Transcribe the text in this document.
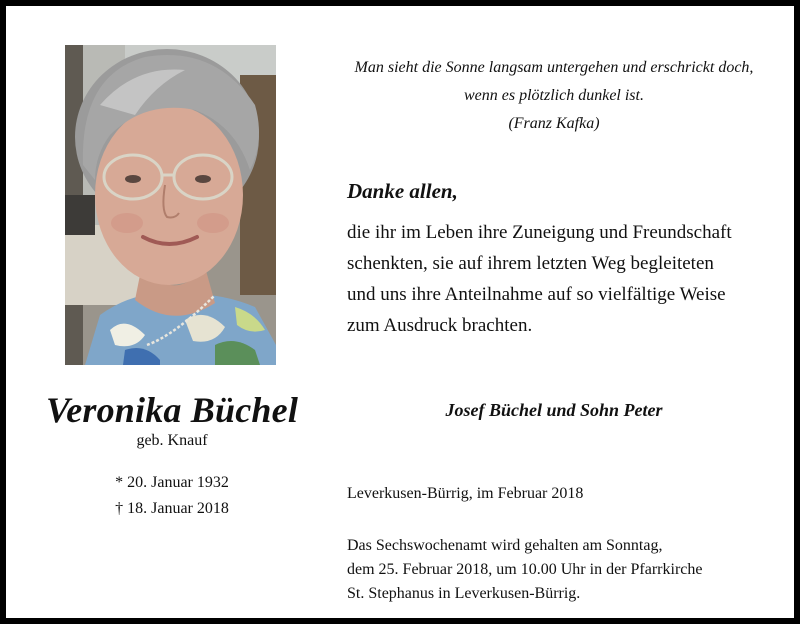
Veronika Büchel
geb. Knauf
* 20. Januar 1932
† 18. Januar 2018
Man sieht die Sonne langsam untergehen und erschrickt doch,
wenn es plötzlich dunkel ist.
(Franz Kafka)
Danke allen,
die ihr im Leben ihre Zuneigung und Freundschaft
schenkten, sie auf ihrem letzten Weg begleiteten
und uns ihre Anteilnahme auf so vielfältige Weise
zum Ausdruck brachten.
Josef Büchel und Sohn Peter
Leverkusen-Bürrig, im Februar 2018
Das Sechswochenamt wird gehalten am Sonntag,
dem 25. Februar 2018, um 10.00 Uhr in der Pfarrkirche
St. Stephanus in Leverkusen-Bürrig.
